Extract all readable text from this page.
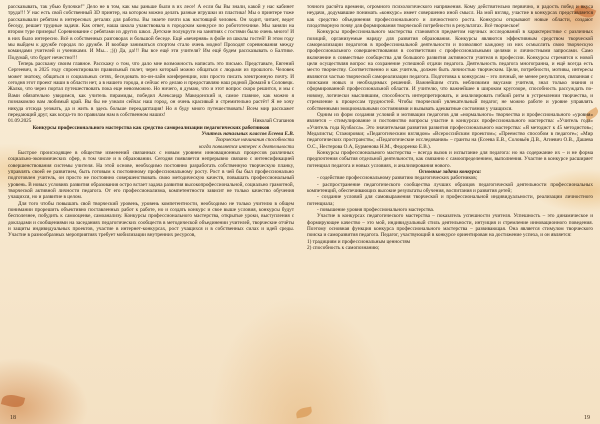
рассказывать, так убью булочки!” Дело не в том, как мы раньше были в их лесе! А если бы Вы знали, какой у нас кабинет труда!!! У нас есть свой собственный 3D принтер, на котором можно делать разные игрушки из пластика! Мы о принтере тоже рассказывали ребятам в интересных деталях для работы. Вы знаете почти как настоящий человек. Он ходит, читает, ведет беседу, решает трудные задачи. Как ответ, наша школа учавствовала в городском конкурсе по робототехнике. Мы заняли на втором туре призеры! Соревнование с ребятами из других школ. Детские полукруги на занятиях с гостями было очень много! И в них было интересно. Всё в собственных разговорах и большой беседе. Ещё «вечерняя» в фойе из школы гостей! В этом году мы выйдем к дружбе городах по дружбе. И вообще заниматься спортом стало очень модно! Проходят соревнования между командами учителей и учениками. И Мы... ;))) Да, да!!! Вы все ещё эти учителя? Им ещё будем рассказывать о Балтике. Подумай, что будет нечестно!!!

Теперь расскажу своим главное. Расскажу о том, что дало мне возможность написать это письмо. Представьте, Евгений Сергеевич, в 2025 году спроектировали правильный полет, через который можно общаться с людьми из прошлого. Человек может знатоку, общаться и социальных сетях, беседовать по-он-лайн конференции, или просто писать электронную почту. И сегодня этот проект наши в области нет, а в нашего города, я сейчас его делаю и предоставляю наш родной Дюмаэй в Соловецк. Жалко, что через портал путешествовать пока еще невозможно. Но ничего, я думаю, что и этот вопрос скоро решится, и мы с Вами обязательно увидимся, как учитель пирамиды, победил Александр Македонский и, самое главное, как можно я познакомлю вам любимый край. Вы бы не узнали сейчас наш город, он очень красивый и стремительно растёт! Я не хочу никуда отсюда уезжать, да и жить в здесь больше переадаптация! Но я буду много путешествовать! Всем мир расскажет передающий друг, как когда-то по правилам нам в собственном наших!

01.09.2025	Николай Стапанов

Конкурсы профессионального мастерства как средство самореализации педагогических работников

Учитель начальных классов Есеева Е.В.

Творческие начинания способности

когда появляется интерес к деятельности

Быстрое происходящее в обществе изменений связанных с новым уровнем инновационных процессов различных социально-экономических сфер, в том числе и в образовании. Сегодня появляется непрерывно связано с интенсификацией совершенствования системы учителя. На этой основе, необходимо постоянно разработать собственную творческую планку, управлять своей ее развитием, быть готовым к постоянному профессиональному росту. Рост в чей бы был профессионально подготовлен учитель, он просто не постоянно совершенствовать свою методическую качеств, повышать профессиональный уровень. В новых условиях развития образования остро встает задача развития высокопрофессиональной, социально грамотной, творческой активной личности педагога. От его профессионализма, компетентности зависит не только качество обучения учащихся, но и развитие в целом.

Для того чтобы повышать свой творческий уровень, уровень компетентности, необходимо не только учителю в общем понимании прорешить объективно поставленных работ к работе, но и создать конкурс и свое выше условия, конкурсы будут бесполезнее, побудить к самооценке, самоанализу. Конкурсы профессионального мастерства, открытые уроки, выступления с докладами и сообщениями на заседаниях педагогических сообществ в методической объединении учителей, творческие отчёты и защиты индивидуальных проектов, участие в интернет-конкурсах, рост учащихся и в собственных силах и идей среды. Участие в разнообразных мероприятиях требует мобилизации внутренних ресурсов,

точного расчёта времени, огромного психологического напряжения. Кому действительно первично, и радость побед и вкуса неудачи, додумавшие понимать «конкурс» имеет совершенно иной смысл. На мой взгляд, участие в конкурсах представляется как средство объединения профессионального и личностного роста. Конкурсы открывают новые области, создают плодотворную почву для формирования творческой потребности в результатах. Всё творческое!

Конкурсы профессионального мастерства становятся предметом научных исследований в характеристике с различных позиций, организуемые наряду для развития образования. Конкурсы являются эффективным средством творческой самореализации педагогов в профессиональной деятельности и позволяют каждому из них осмыслить свою творческую профессионального совершенствования в соответствии с профессиональными целями и личностными запросами. Само включение в совместные сообщества для большого развития активности учителя в профессии. Конкурсы стремятся к новой цели осуществляя вопрос на сохранение успешной отдачи педагога. Деятельность педагога многогранна, и ещё всегда есть место творчеству. Соответственно и как учитель, должен быть личностью творческим. Цели, потребности, мотивы, интересы являются частью творческой самореализации педагога. Подготовка к конкурсам – это личный, не менее результатов, связанная с поисками новых и необходимых решений. Важнейшим стать неблизкими вкусами учителя, знал только знания и сформированной профессиональной области. И учителю, что важнейшее в широком кругозоре, способность рассуждать по-новому, логически мыслившим, способность интерпретировать, и анализировать гибкий ритм в устремлении творчества, и стремление к процессам трудностей. Чтобы творческий увлекательный педагог, не можно работе и уровне управлять собственными эмоциональными состояниями и вызывать адекватные состояния у учащихся.

Одним из форм создания условий и мотивации педагогов для «нормального» творчества и профессионального «уровня» является – стимулирование и постоянство вопросы участие в конкурсах профессионального мастерства: «Учитель года» «Учитель года Кузбасса». Это значительная развития развития профессионального мастерства: «Я методист к 45 методистов»; Медалисты; Стажировки; «Педагогическим взглядом» «Всероссийским проектом»; «Преемство способом в педагоге»; «Мир педагогических пространств»; «Педагогические исследования» – гранты на (Есеева Е.В., Соловьёв Д.В., Агиевич О.В., Дашева О.С., Нестерова О.А, Бурменова Н.М., Федоренко Е.В.).

Конкурсы профессионального мастерства – всегда вызов и испытание для педагога: но на содержание их – и не форма предпочтения события отдельной деятельности, как связанно с самоопределением, выполнения. Участие в конкурсе расширяет потенциал педагога и новых условиях, и анализирования нового.

Основные задачи конкурса:

- содействие профессиональному развитию педагогических работников;

- распространение педагогического сообщества лучших образцов педагогической деятельности профессиональных компетенций, обеспечивающих высокие результаты обучения, воспитания и развития детей;

- создание условий для самовыражения творческой и профессиональной индивидуальности, реализации личностного потенциала;

- повышение уровня профессионального мастерства.

Участие в конкурсах педагогического мастерства – показатель успешности учителя. Успешность – это динамическое и формирующее качество – это мой, индивидуальный стиль деятельности, интуиция и стремление инновационного поведения. Поэтому основная функция конкурса профессионального мастерства – развивающая. Она является стимулом творческого поиска и саморазвития педагога. Педагог, участвующий в конкурсе ориентирован на достижение успеха, и он является:

1) традициям и профессиональным ценностям

2) способность к самопознанию;

18	19
